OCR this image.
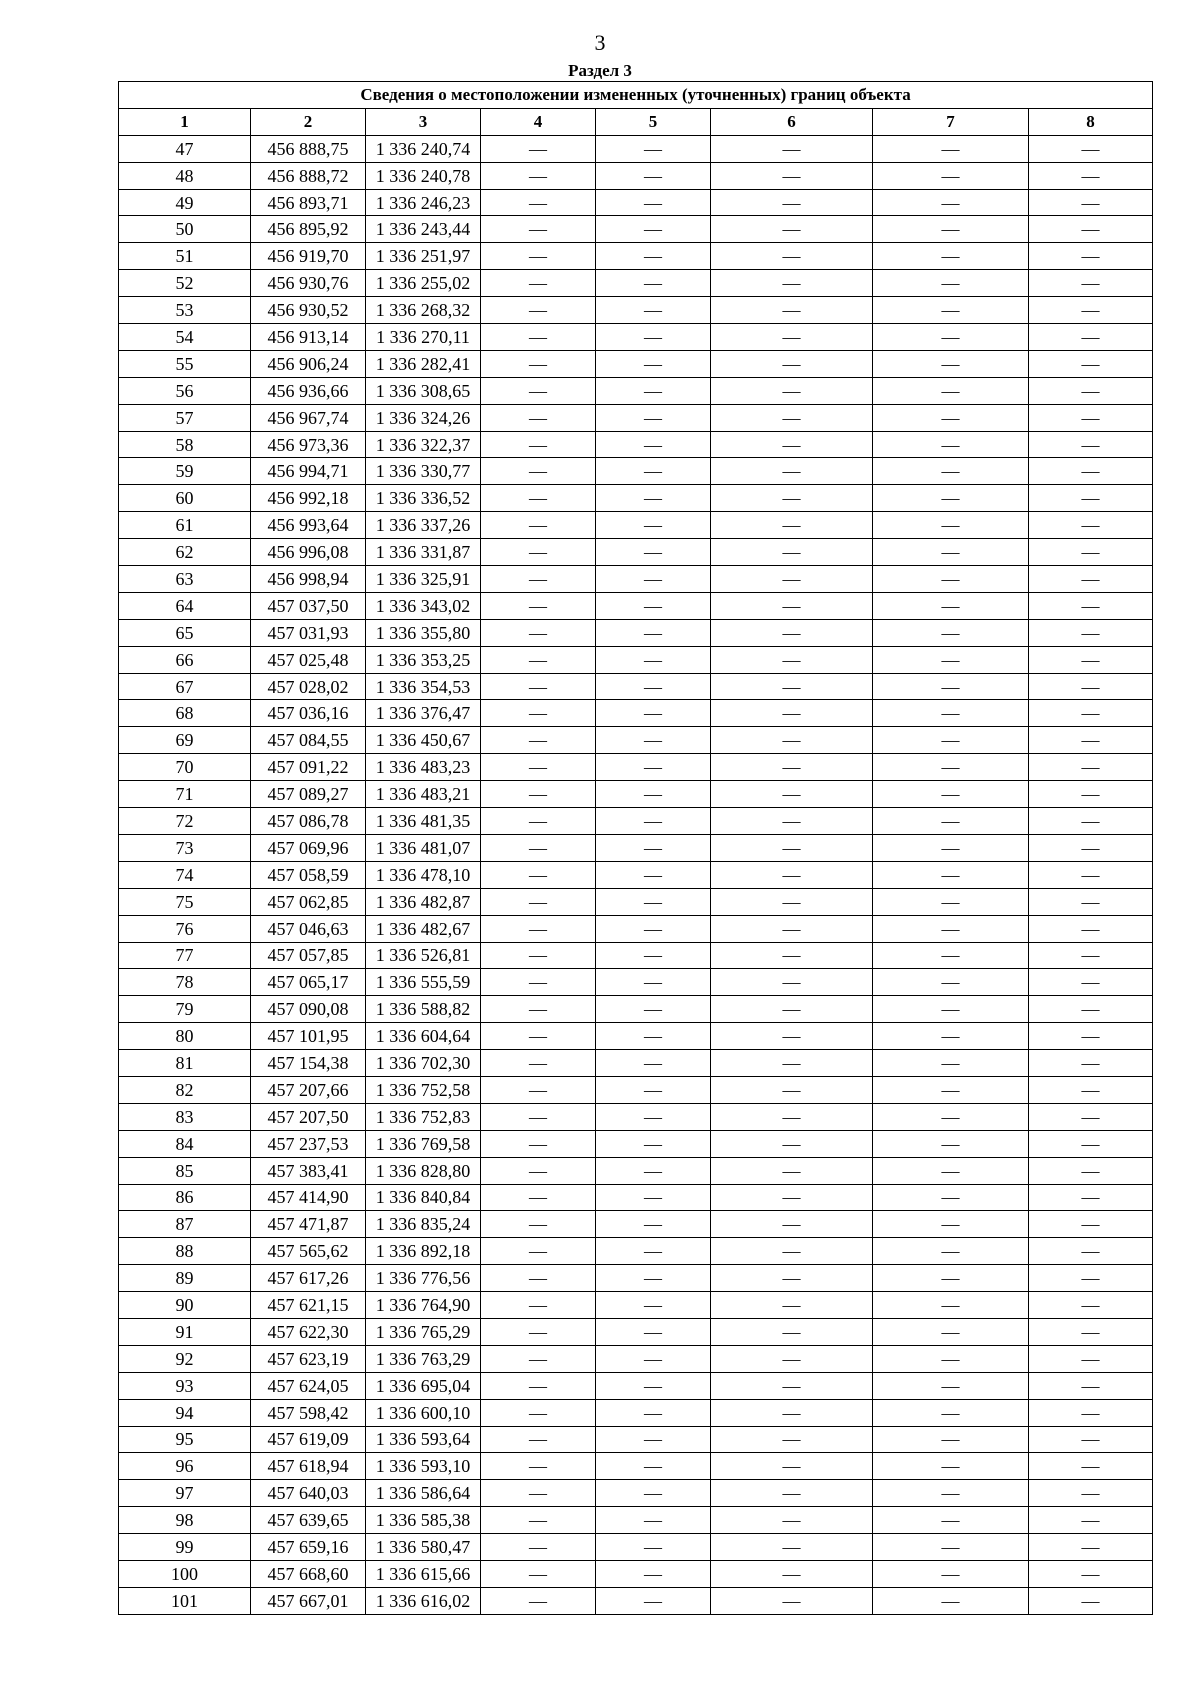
3
Раздел 3
Сведения о местоположении измененных (уточненных) границ объекта							
1	2	3	4	5	6	7	8
47	456 888,75	1 336 240,74	—	—	—	—	—
48	456 888,72	1 336 240,78	—	—	—	—	—
49	456 893,71	1 336 246,23	—	—	—	—	—
50	456 895,92	1 336 243,44	—	—	—	—	—
51	456 919,70	1 336 251,97	—	—	—	—	—
52	456 930,76	1 336 255,02	—	—	—	—	—
53	456 930,52	1 336 268,32	—	—	—	—	—
54	456 913,14	1 336 270,11	—	—	—	—	—
55	456 906,24	1 336 282,41	—	—	—	—	—
56	456 936,66	1 336 308,65	—	—	—	—	—
57	456 967,74	1 336 324,26	—	—	—	—	—
58	456 973,36	1 336 322,37	—	—	—	—	—
59	456 994,71	1 336 330,77	—	—	—	—	—
60	456 992,18	1 336 336,52	—	—	—	—	—
61	456 993,64	1 336 337,26	—	—	—	—	—
62	456 996,08	1 336 331,87	—	—	—	—	—
63	456 998,94	1 336 325,91	—	—	—	—	—
64	457 037,50	1 336 343,02	—	—	—	—	—
65	457 031,93	1 336 355,80	—	—	—	—	—
66	457 025,48	1 336 353,25	—	—	—	—	—
67	457 028,02	1 336 354,53	—	—	—	—	—
68	457 036,16	1 336 376,47	—	—	—	—	—
69	457 084,55	1 336 450,67	—	—	—	—	—
70	457 091,22	1 336 483,23	—	—	—	—	—
71	457 089,27	1 336 483,21	—	—	—	—	—
72	457 086,78	1 336 481,35	—	—	—	—	—
73	457 069,96	1 336 481,07	—	—	—	—	—
74	457 058,59	1 336 478,10	—	—	—	—	—
75	457 062,85	1 336 482,87	—	—	—	—	—
76	457 046,63	1 336 482,67	—	—	—	—	—
77	457 057,85	1 336 526,81	—	—	—	—	—
78	457 065,17	1 336 555,59	—	—	—	—	—
79	457 090,08	1 336 588,82	—	—	—	—	—
80	457 101,95	1 336 604,64	—	—	—	—	—
81	457 154,38	1 336 702,30	—	—	—	—	—
82	457 207,66	1 336 752,58	—	—	—	—	—
83	457 207,50	1 336 752,83	—	—	—	—	—
84	457 237,53	1 336 769,58	—	—	—	—	—
85	457 383,41	1 336 828,80	—	—	—	—	—
86	457 414,90	1 336 840,84	—	—	—	—	—
87	457 471,87	1 336 835,24	—	—	—	—	—
88	457 565,62	1 336 892,18	—	—	—	—	—
89	457 617,26	1 336 776,56	—	—	—	—	—
90	457 621,15	1 336 764,90	—	—	—	—	—
91	457 622,30	1 336 765,29	—	—	—	—	—
92	457 623,19	1 336 763,29	—	—	—	—	—
93	457 624,05	1 336 695,04	—	—	—	—	—
94	457 598,42	1 336 600,10	—	—	—	—	—
95	457 619,09	1 336 593,64	—	—	—	—	—
96	457 618,94	1 336 593,10	—	—	—	—	—
97	457 640,03	1 336 586,64	—	—	—	—	—
98	457 639,65	1 336 585,38	—	—	—	—	—
99	457 659,16	1 336 580,47	—	—	—	—	—
100	457 668,60	1 336 615,66	—	—	—	—	—
101	457 667,01	1 336 616,02	—	—	—	—	—
